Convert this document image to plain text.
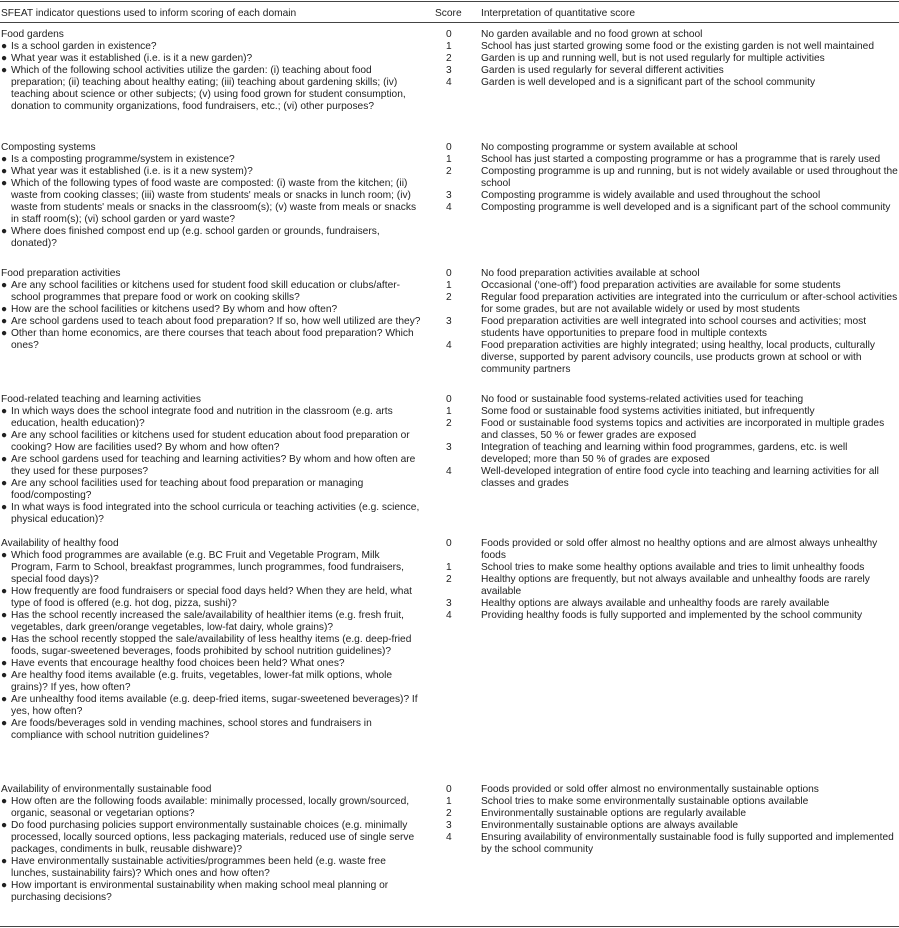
SFEAT indicator questions used to inform scoring of each domain	Score Interpretation of quantitative score
Food gardens
● Is a school garden in existence?
● What year was it established (i.e. is it a new garden)?
● Which of the following school activities utilize the garden: (i) teaching about food preparation; (ii) teaching about healthy eating; (iii) teaching about gardening skills; (iv) teaching about science or other subjects; (v) using food grown for student consumption, donation to community organizations, food fundraisers, etc.; (vi) other purposes?
0	No garden available and no food grown at school
1	School has just started growing some food or the existing garden is not well maintained
2	Garden is up and running well, but is not used regularly for multiple activities
3	Garden is used regularly for several different activities
4	Garden is well developed and is a significant part of the school community
Composting systems
● Is a composting programme/system in existence?
● What year was it established (i.e. is it a new system)?
● Which of the following types of food waste are composted: (i) waste from the kitchen; (ii) waste from cooking classes; (iii) waste from students' meals or snacks in lunch room; (iv) waste from students' meals or snacks in the classroom(s); (v) waste from meals or snacks in staff room(s); (vi) school garden or yard waste?
● Where does finished compost end up (e.g. school garden or grounds, fundraisers, donated)?
0	No composting programme or system available at school
1	School has just started a composting programme or has a programme that is rarely used
2	Composting programme is up and running, but is not widely available or used throughout the school
3	Composting programme is widely available and used throughout the school
4	Composting programme is well developed and is a significant part of the school community
Food preparation activities
● Are any school facilities or kitchens used for student food skill education or clubs/after-school programmes that prepare food or work on cooking skills?
● How are the school facilities or kitchens used? By whom and how often?
● Are school gardens used to teach about food preparation? If so, how well utilized are they?
● Other than home economics, are there courses that teach about food preparation? Which ones?
0	No food preparation activities available at school
1	Occasional (‘one-off’) food preparation activities are available for some students
2	Regular food preparation activities are integrated into the curriculum or after-school activities for some grades, but are not available widely or used by most students
3	Food preparation activities are well integrated into school courses and activities; most students have opportunities to prepare food in multiple contexts
4	Food preparation activities are highly integrated; using healthy, local products, culturally diverse, supported by parent advisory councils, use products grown at school or with community partners
Food-related teaching and learning activities
● In which ways does the school integrate food and nutrition in the classroom (e.g. arts education, health education)?
● Are any school facilities or kitchens used for student education about food preparation or cooking? How are facilities used? By whom and how often?
● Are school gardens used for teaching and learning activities? By whom and how often are they used for these purposes?
● Are any school facilities used for teaching about food preparation or managing food/composting?
● In what ways is food integrated into the school curricula or teaching activities (e.g. science, physical education)?
0	No food or sustainable food systems-related activities used for teaching
1	Some food or sustainable food systems activities initiated, but infrequently
2	Food or sustainable food systems topics and activities are incorporated in multiple grades and classes, 50 % or fewer grades are exposed
3	Integration of teaching and learning within food programmes, gardens, etc. is well developed; more than 50 % of grades are exposed
4	Well-developed integration of entire food cycle into teaching and learning activities for all classes and grades
Availability of healthy food
● Which food programmes are available (e.g. BC Fruit and Vegetable Program, Milk Program, Farm to School, breakfast programmes, lunch programmes, food fundraisers, special food days)?
● How frequently are food fundraisers or special food days held? When they are held, what type of food is offered (e.g. hot dog, pizza, sushi)?
● Has the school recently increased the sale/availability of healthier items (e.g. fresh fruit, vegetables, dark green/orange vegetables, low-fat dairy, whole grains)?
● Has the school recently stopped the sale/availability of less healthy items (e.g. deep-fried foods, sugar-sweetened beverages, foods prohibited by school nutrition guidelines)?
● Have events that encourage healthy food choices been held? What ones?
● Are healthy food items available (e.g. fruits, vegetables, lower-fat milk options, whole grains)? If yes, how often?
● Are unhealthy food items available (e.g. deep-fried items, sugar-sweetened beverages)? If yes, how often?
● Are foods/beverages sold in vending machines, school stores and fundraisers in compliance with school nutrition guidelines?
0	Foods provided or sold offer almost no healthy options and are almost always unhealthy foods
1	School tries to make some healthy options available and tries to limit unhealthy foods
2	Healthy options are frequently, but not always available and unhealthy foods are rarely available
3	Healthy options are always available and unhealthy foods are rarely available
4	Providing healthy foods is fully supported and implemented by the school community
Availability of environmentally sustainable food
● How often are the following foods available: minimally processed, locally grown/sourced, organic, seasonal or vegetarian options?
● Do food purchasing policies support environmentally sustainable choices (e.g. minimally processed, locally sourced options, less packaging materials, reduced use of single serve packages, condiments in bulk, reusable dishware)?
● Have environmentally sustainable activities/programmes been held (e.g. waste free lunches, sustainability fairs)? Which ones and how often?
● How important is environmental sustainability when making school meal planning or purchasing decisions?
0	Foods provided or sold offer almost no environmentally sustainable options
1	School tries to make some environmentally sustainable options available
2	Environmentally sustainable options are regularly available
3	Environmentally sustainable options are always available
4	Ensuring availability of environmentally sustainable food is fully supported and implemented by the school community
